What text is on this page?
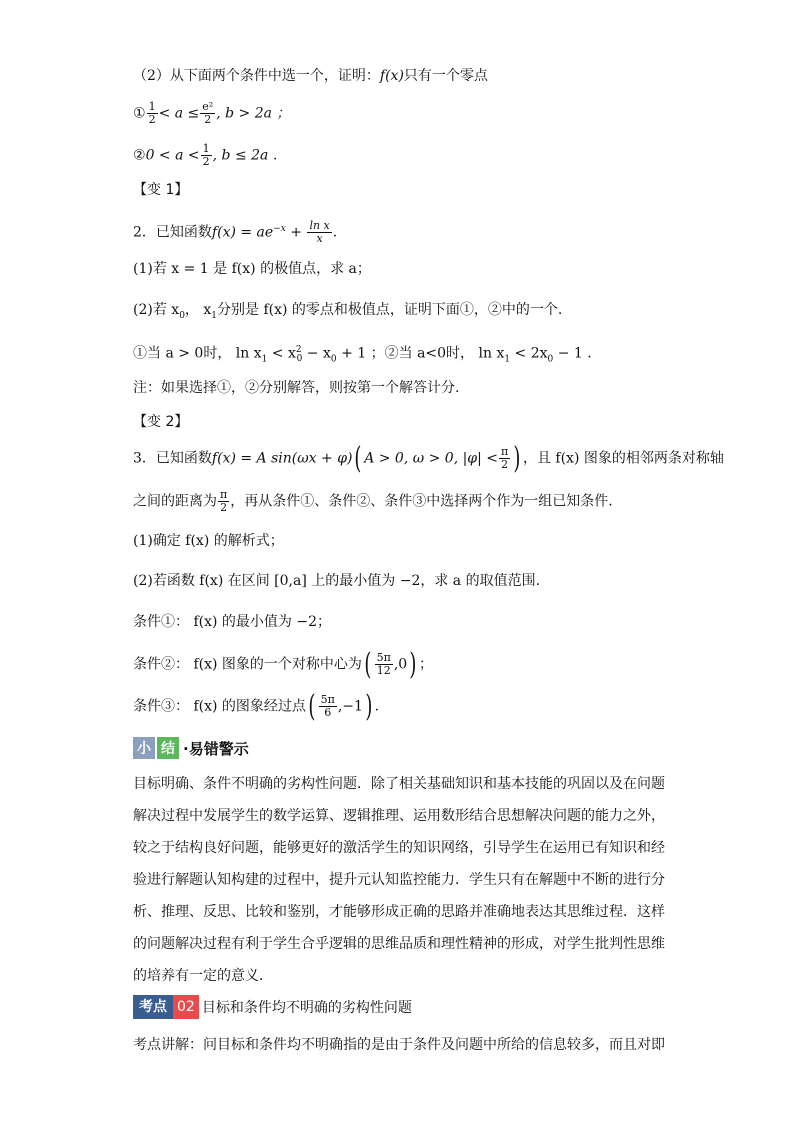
（2）从下面两个条件中选一个，证明：f(x)只有一个零点
① $\frac{1}{2} < a \le \frac{\text{e²}}{2}$ , b > 2a ；
②0 < $a < \frac{1}{2}$ , b ≤ 2a .
【变 1】
2．已知函数$f(x) = ae^{-x} + \frac{\text{ln x}}{x}$ .
(1)若 x = 1 是 f(x) 的极值点，求 a；
(2)若 $x_0$， $x_1$分别是 f(x) 的零点和极值点，证明下面①，②中的一个.
①当 a > 0时， $\ln x_1 < x^2_0 - x_0 + 1$ ；②当 a<0时， $\ln x_1 < 2x_0 - 1$ .
注：如果选择①，②分别解答，则按第一个解答计分.
【变 2】
3．已知函数f(x) = A sin(ωx + φ)( A > 0, ω > 0, $|\varphi| < \frac{\pi}{2}$ ) ，且 f(x) 图象的相邻两条对称轴
之间的距离为 $\frac{\pi}{2}$ ，再从条件①、条件②、条件③中选择两个作为一组已知条件.
(1)确定 f(x) 的解析式；
(2)若函数 f(x) 在区间 [0,a] 上的最小值为 −2，求 a 的取值范围.
条件①： f(x) 的最小值为 −2；
条件②： f(x) 图象的一个对称中心为( $\frac{5\pi}{12} ,0$) ；
条件③： f(x) 的图象经过点( $\frac{5\pi}{6} ,-1$) .
小 结 ·易错警示
目标明确、条件不明确的劣构性问题．除了相关基础知识和基本技能的巩固以及在问题解决过程中发展学生的数学运算、逻辑推理、运用数形结合思想解决问题的能力之外，较之于结构良好问题，能够更好的激活学生的知识网络，引导学生在运用已有知识和经验进行解题认知构建的过程中，提升元认知监控能力．学生只有在解题中不断的进行分析、推理、反思、比较和鉴别，才能够形成正确的思路并准确地表达其思维过程．这样的问题解决过程有利于学生合乎逻辑的思维品质和理性精神的形成，对学生批判性思维的培养有一定的意义．
考点 02 目标和条件均不明确的劣构性问题
考点讲解：问目标和条件均不明确指的是由于条件及问题中所给的信息较多，而且对即
